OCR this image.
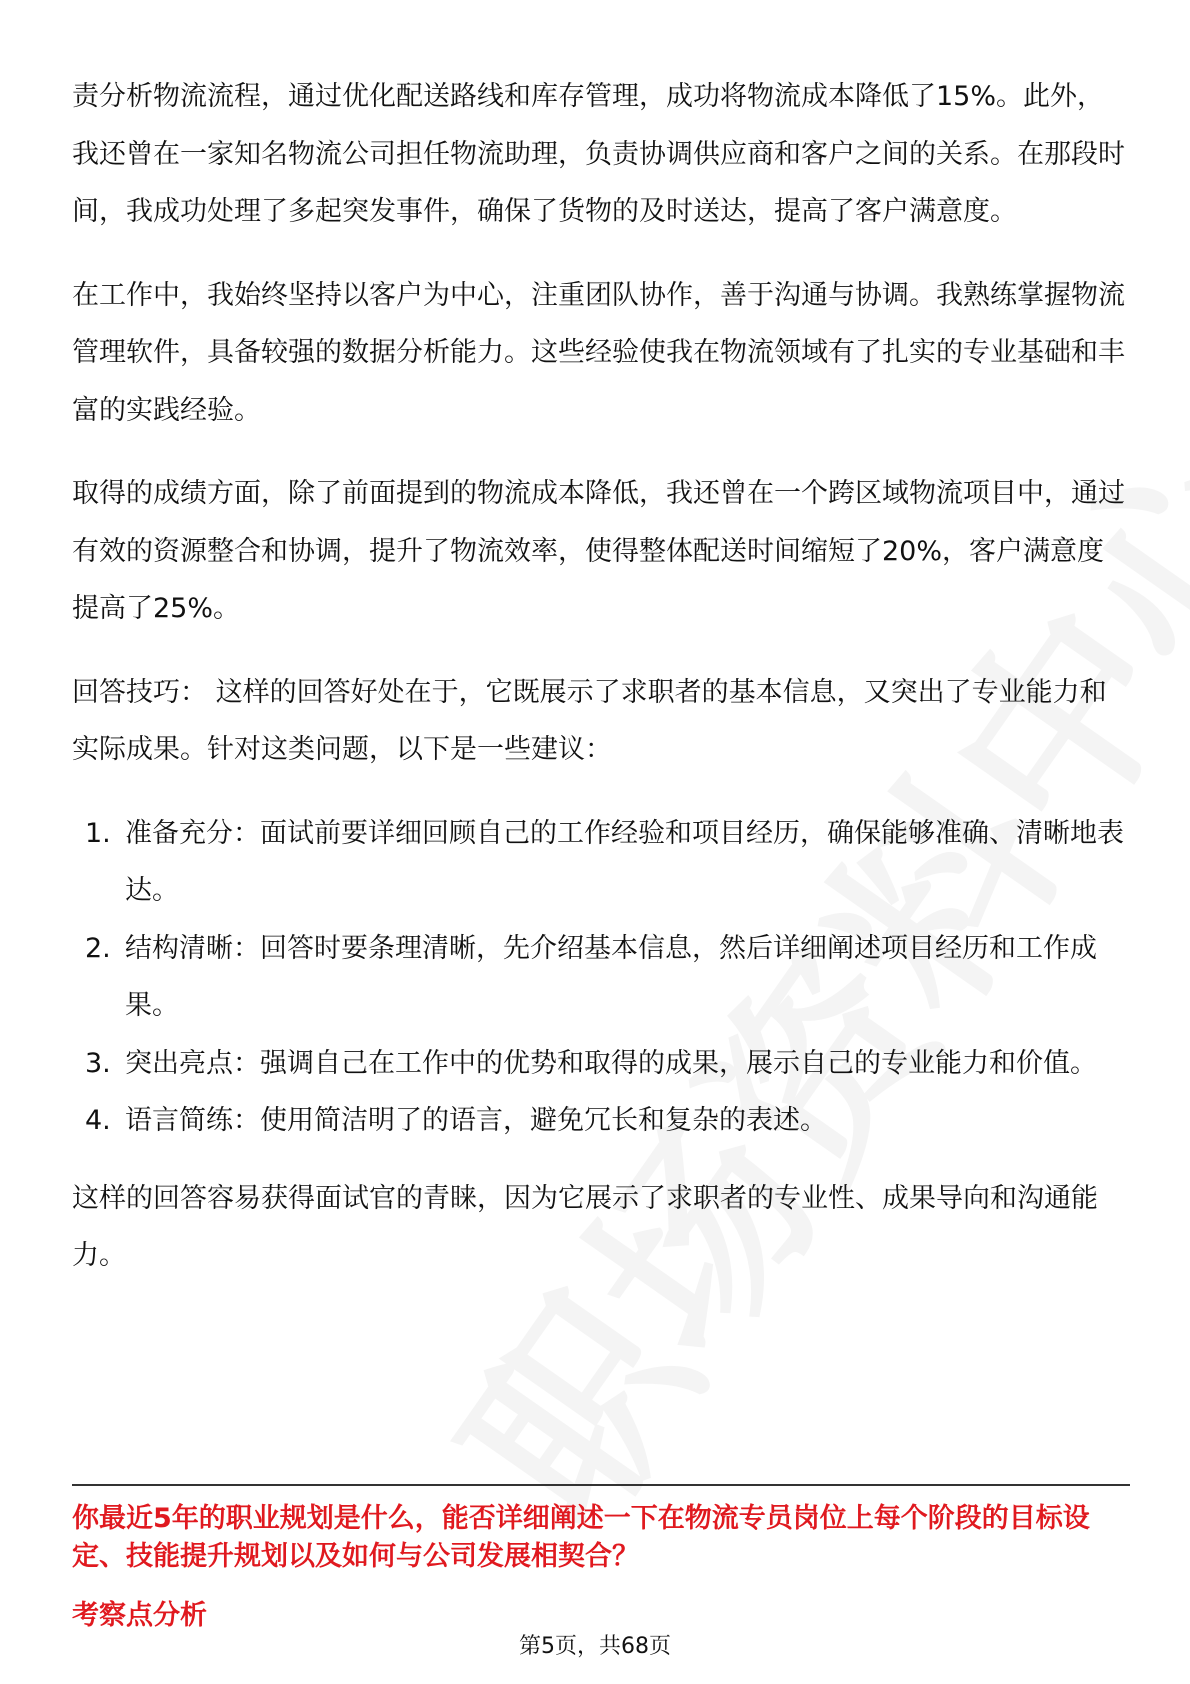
责分析物流流程，通过优化配送路线和库存管理，成功将物流成本降低了15%。此外，我还曾在一家知名物流公司担任物流助理，负责协调供应商和客户之间的关系。在那段时间，我成功处理了多起突发事件，确保了货物的及时送达，提高了客户满意度。

在工作中，我始终坚持以客户为中心，注重团队协作，善于沟通与协调。我熟练掌握物流管理软件，具备较强的数据分析能力。这些经验使我在物流领域有了扎实的专业基础和丰富的实践经验。

取得的成绩方面，除了前面提到的物流成本降低，我还曾在一个跨区域物流项目中，通过有效的资源整合和协调，提升了物流效率，使得整体配送时间缩短了20%，客户满意度提高了25%。

回答技巧： 这样的回答好处在于，它既展示了求职者的基本信息，又突出了专业能力和实际成果。针对这类问题，以下是一些建议：

1. 准备充分：面试前要详细回顾自己的工作经验和项目经历，确保能够准确、清晰地表达。
2. 结构清晰：回答时要条理清晰，先介绍基本信息，然后详细阐述项目经历和工作成果。
3. 突出亮点：强调自己在工作中的优势和取得的成果，展示自己的专业能力和价值。
4. 语言简练：使用简洁明了的语言，避免冗长和复杂的表述。

这样的回答容易获得面试官的青睐，因为它展示了求职者的专业性、成果导向和沟通能力。

你最近5年的职业规划是什么，能否详细阐述一下在物流专员岗位上每个阶段的目标设定、技能提升规划以及如何与公司发展相契合？
考察点分析
第5页，共68页
